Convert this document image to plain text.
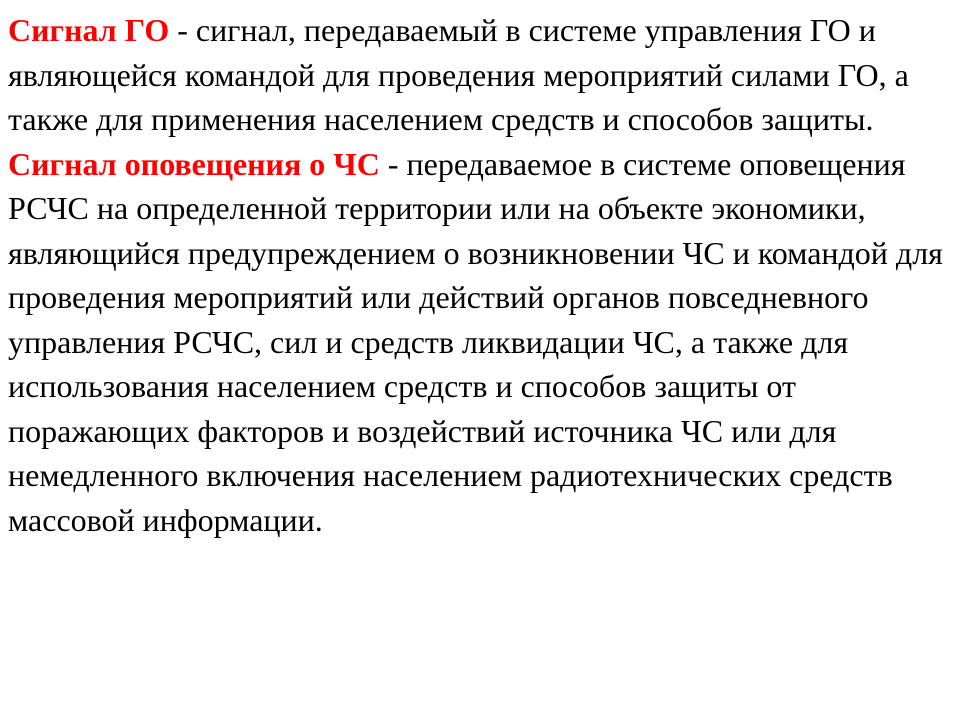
Сигнал ГО - сигнал, передаваемый в системе управления ГО и являющейся командой для проведения мероприятий силами ГО, а также для применения населением средств и способов защиты.

Сигнал оповещения о ЧС - передаваемое в системе оповещения РСЧС на определенной территории или на объекте экономики, являющийся предупреждением о возникновении ЧС и командой для проведения мероприятий или действий органов повседневного управления РСЧС, сил и средств ликвидации ЧС, а также для использования населением средств и способов защиты от поражающих факторов и воздействий источника ЧС или для немедленного включения населением радиотехнических средств массовой информации.
